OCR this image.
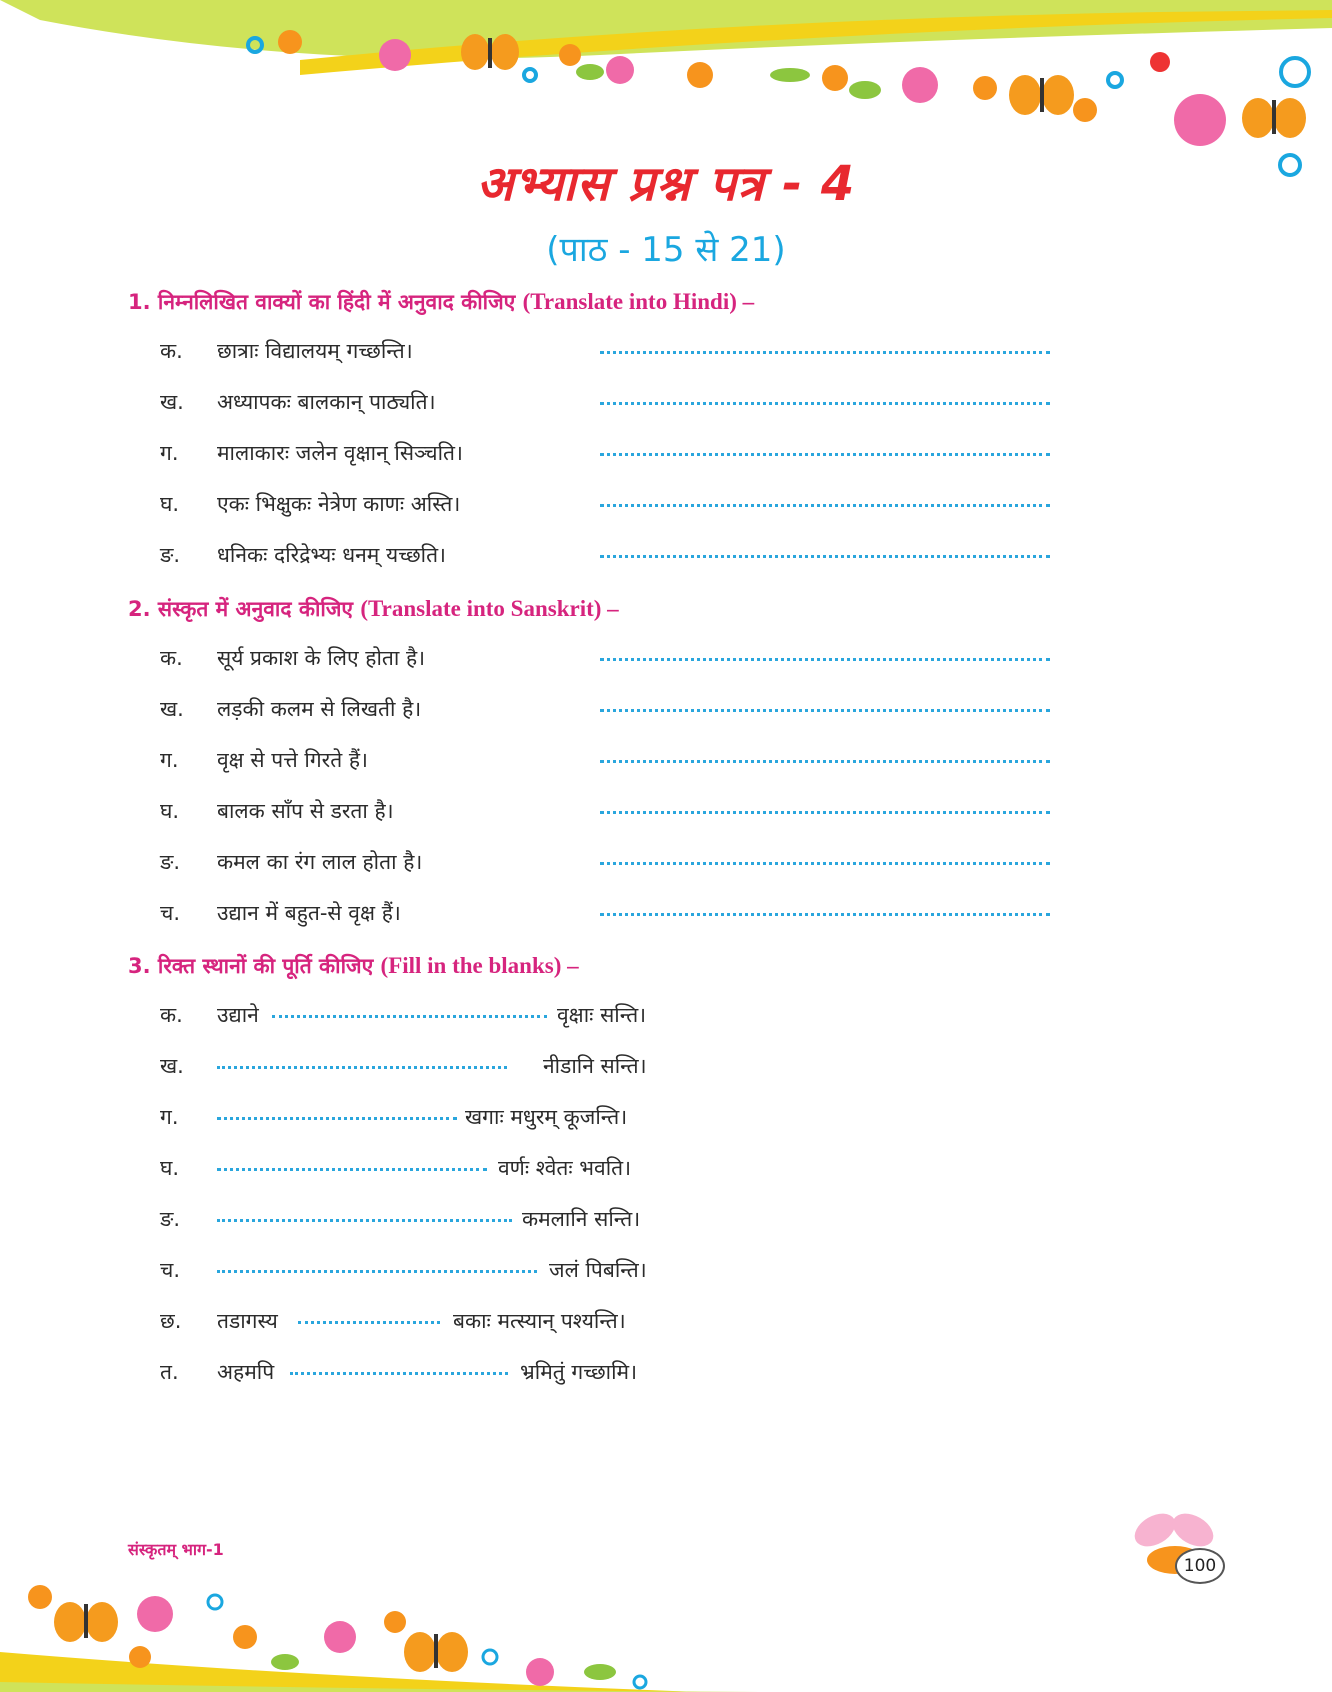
अभ्यास प्रश्न पत्र - 4
(पाठ - 15 से 21)
1. निम्नलिखित वाक्यों का हिंदी में अनुवाद कीजिए (Translate into Hindi) –
क.	छात्राः विद्यालयम् गच्छन्ति।
ख.	अध्यापकः बालकान् पाठ्यति।
ग.	मालाकारः जलेन वृक्षान् सिञ्चति।
घ.	एकः भिक्षुकः नेत्रेण काणः अस्ति।
ङ.	धनिकः दरिद्रेभ्यः धनम् यच्छति।
2. संस्कृत में अनुवाद कीजिए (Translate into Sanskrit) –
क.	सूर्य प्रकाश के लिए होता है।
ख.	लड़की कलम से लिखती है।
ग.	वृक्ष से पत्ते गिरते हैं।
घ.	बालक साँप से डरता है।
ङ.	कमल का रंग लाल होता है।
च.	उद्यान में बहुत-से वृक्ष हैं।
3. रिक्त स्थानों की पूर्ति कीजिए (Fill in the blanks) –
क.	उद्याने	वृक्षाः सन्ति।
ख.	नीडानि सन्ति।
ग.	खगाः मधुरम् कूजन्ति।
घ.	वर्णः श्वेतः भवति।
ङ.	कमलानि सन्ति।
च.	जलं पिबन्ति।
छ.	तडागस्य	बकाः मत्स्यान् पश्यन्ति।
त.	अहमपि	भ्रमितुं गच्छामि।
संस्कृतम् भाग-1
100
